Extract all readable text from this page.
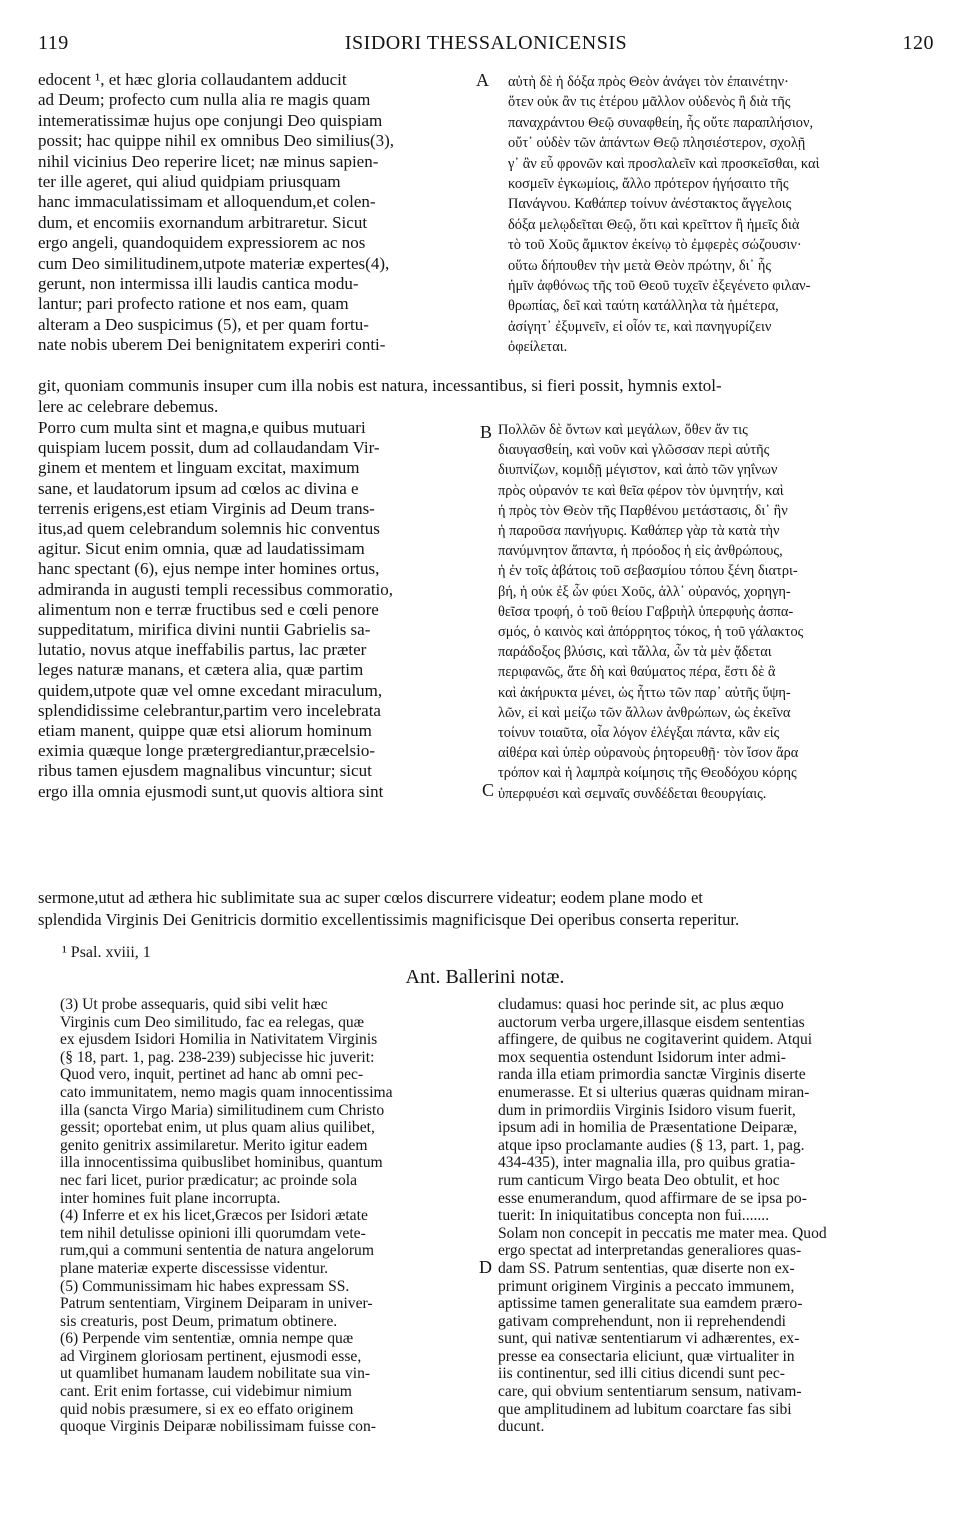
119	ISIDORI THESSALONICENSIS	120
edocent ¹, et hæc gloria collaudantem adducit
ad Deum; profecto cum nulla alia re magis quam
intemeratissimæ hujus ope conjungi Deo quispiam
possit; hac quippe nihil ex omnibus Deo similius(3),
nihil vicinius Deo reperire licet; næ minus sapien-
ter ille ageret, qui aliud quidpiam priusquam
hanc immaculatissimam et alloquendum,et colen-
dum, et encomiis exornandum arbitraretur. Sicut
ergo angeli, quandoquidem expressiorem ac nos
cum Deo similitudinem,utpote materiæ expertes(4),
gerunt, non intermissa illi laudis cantica modu-
lantur; pari profecto ratione et nos eam, quam
alteram a Deo suspicimus (5), et per quam fortu-
nate nobis uberem Dei benignitatem experiri conti-
αὐτὴ δὲ ἡ δόξα πρὸς Θεὸν ἀνάγει τὸν ἐπαινέτην·
ὅτεν οὐκ ἂν τις ἑτέρου μᾶλλον οὐδενὸς ἢ διὰ τῆς
παναχράντου Θεῷ συναφθείη, ἧς οὔτε παραπλήσιον,
οὔτ᾽ οὐδὲν τῶν ἁπάντων Θεῷ πλησιέστερον, σχολῇ
γ᾽ ἂν εὖ φρονῶν καὶ προσλαλεῖν καὶ προσκεῖσθαι, καὶ
κοσμεῖν ἐγκωμίοις, ἄλλο πρότερον ἡγήσαιτο τῆς
Πανάγνου. Καθάπερ τοίνυν ἀνέστακτος ἄγγελοις
δόξα μελῳδεῖται Θεῷ, ὅτι καὶ κρεῖττον ἢ ἡμεῖς διὰ
τὸ τοῦ Χοῦς ἄμικτον ἐκείνῳ τὸ ἐμφερὲς σώζουσιν·
οὕτω δήπουθεν τὴν μετὰ Θεὸν πρώτην, δι᾽ ἧς
ἡμῖν ἀφθόνως τῆς τοῦ Θεοῦ τυχεῖν ἐξεγένετο φιλαν-
θρωπίας, δεῖ καὶ ταύτη κατάλληλα τὰ ἡμέτερα,
ἀσίγητ᾽ ἐξυμνεῖν, εἰ οἷόν τε, καὶ πανηγυρίζειν
ὀφείλεται.
A
git, quoniam communis insuper cum illa nobis est natura, incessantibus, si fieri possit, hymnis extol-
lere ac celebrare debemus.
Porro cum multa sint et magna,e quibus mutuari
quispiam lucem possit, dum ad collaudandam Vir-
ginem et mentem et linguam excitat, maximum
sane, et laudatorum ipsum ad cœlos ac divina e
terrenis erigens,est etiam Virginis ad Deum trans-
itus,ad quem celebrandum solemnis hic conventus
agitur. Sicut enim omnia, quæ ad laudatissimam
hanc spectant (6), ejus nempe inter homines ortus,
admiranda in augusti templi recessibus commoratio,
alimentum non e terræ fructibus sed e cœli penore
suppeditatum, mirifica divini nuntii Gabrielis sa-
lutatio, novus atque ineffabilis partus, lac præter
leges naturæ manans, et cætera alia, quæ partim
quidem,utpote quæ vel omne excedant miraculum,
splendidissime celebrantur,partim vero incelebrata
etiam manent, quippe quæ etsi aliorum hominum
eximia quæque longe prætergrediantur,præcelsio-
ribus tamen ejusdem magnalibus vincuntur; sicut
ergo illa omnia ejusmodi sunt,ut quovis altiora sint
Πολλῶν δὲ ὄντων καὶ μεγάλων, ὅθεν ἄν τις
διαυγασθείη, καὶ νοῦν καὶ γλῶσσαν περὶ αὐτῆς
διυπνίζων, κομιδῇ μέγιστον, καὶ ἀπὸ τῶν γηΐνων
πρὸς οὐρανόν τε καὶ θεῖα φέρον τὸν ὑμνητήν, καὶ
ἡ πρὸς τὸν Θεὸν τῆς Παρθένου μετάστασις, δι᾽ ἣν
ἡ παροῦσα πανήγυρις. Καθάπερ γὰρ τὰ κατὰ τὴν
πανύμνητον ἅπαντα, ἡ πρόοδος ἡ εἰς ἀνθρώπους,
ἡ ἐν τοῖς ἀβάτοις τοῦ σεβασμίου τόπου ξένη διατρι-
βή, ἡ οὐκ ἐξ ὧν φύει Χοῦς, ἀλλ᾽ οὐρανός, χορηγη-
θεῖσα τροφή, ὁ τοῦ θείου Γαβριὴλ ὑπερφυὴς ἀσπα-
σμός, ὁ καινὸς καὶ ἀπόρρητος τόκος, ἡ τοῦ γάλακτος
παράδοξος βλύσις, καὶ τἄλλα, ὧν τὰ μὲν ᾄδεται
περιφανῶς, ἅτε δὴ καὶ θαύματος πέρα, ἔστι δὲ ἃ
καὶ ἀκήρυκτα μένει, ὡς ἧττω τῶν παρ᾽ αὐτῆς ὕψη-
λῶν, εἰ καὶ μείζω τῶν ἄλλων ἀνθρώπων, ὡς ἐκεῖνα
τοίνυν τοιαῦτα, οἷα λόγον ἐλέγξαι πάντα, κἂν εἰς
αἰθέρα καὶ ὑπὲρ οὐρανοὺς ῥητορευθῇ· τὸν ἴσον ἄρα
τρόπον καὶ ἡ λαμπρὰ κοίμησις τῆς Θεοδόχου κόρης
ὑπερφυέσι καὶ σεμναῖς συνδέδεται θεουργίαις.
B
C
sermone,utut ad æthera hic sublimitate sua ac super cœlos discurrere videatur; eodem plane modo et
splendida Virginis Dei Genitricis dormitio excellentissimis magnificisque Dei operibus conserta reperitur.
¹ Psal. xviii, 1
Ant. Ballerini notæ.
(3) Ut probe assequaris, quid sibi velit hæc
Virginis cum Deo similitudo, fac ea relegas, quæ
ex ejusdem Isidori Homilia in Nativitatem Virginis
(§ 18, part. 1, pag. 238-239) subjecisse hic juverit:
Quod vero, inquit, pertinet ad hanc ab omni pec-
cato immunitatem, nemo magis quam innocentissima
illa (sancta Virgo Maria) similitudinem cum Christo
gessit; oportebat enim, ut plus quam alius quilibet,
genito genitrix assimilaretur. Merito igitur eadem
illa innocentissima quibuslibet hominibus, quantum
nec fari licet, purior prædicatur; ac proinde sola
inter homines fuit plane incorrupta.
(4) Inferre et ex his licet,Græcos per Isidori ætate
tem nihil detulisse opinioni illi quorumdam vete-
rum,qui a communi sententia de natura angelorum
plane materiæ experte discessisse videntur.
(5) Communissimam hic habes expressam SS.
Patrum sententiam, Virginem Deiparam in univer-
sis creaturis, post Deum, primatum obtinere.
(6) Perpende vim sententiæ, omnia nempe quæ
ad Virginem gloriosam pertinent, ejusmodi esse,
ut quamlibet humanam laudem nobilitate sua vin-
cant. Erit enim fortasse, cui videbimur nimium
quid nobis præsumere, si ex eo effato originem
quoque Virginis Deiparæ nobilissimam fuisse con-
cludamus: quasi hoc perinde sit, ac plus æquo
auctorum verba urgere,illasque eisdem sententias
affingere, de quibus ne cogitaverint quidem. Atqui
mox sequentia ostendunt Isidorum inter admi-
randa illa etiam primordia sanctæ Virginis diserte
enumerasse. Et si ulterius quæras quidnam miran-
dum in primordiis Virginis Isidoro visum fuerit,
ipsum adi in homilia de Præsentatione Deiparæ,
atque ipso proclamante audies (§ 13, part. 1, pag.
434-435), inter magnalia illa, pro quibus gratia-
rum canticum Virgo beata Deo obtulit, et hoc
esse enumerandum, quod affirmare de se ipsa po-
tuerit: In iniquitatibus concepta non fui.......
Solam non concepit in peccatis me mater mea. Quod
ergo spectat ad interpretandas generaliores quas-
dam SS. Patrum sententias, quæ diserte non ex-
primunt originem Virginis a peccato immunem,
aptissime tamen generalitate sua eamdem præro-
gativam comprehendunt, non ii reprehendendi
sunt, qui nativæ sententiarum vi adhærentes, ex-
presse ea consectaria eliciunt, quæ virtualiter in
iis continentur, sed illi citius dicendi sunt pec-
care, qui obvium sententiarum sensum, nativam-
que amplitudinem ad lubitum coarctare fas sibi
ducunt.
D
